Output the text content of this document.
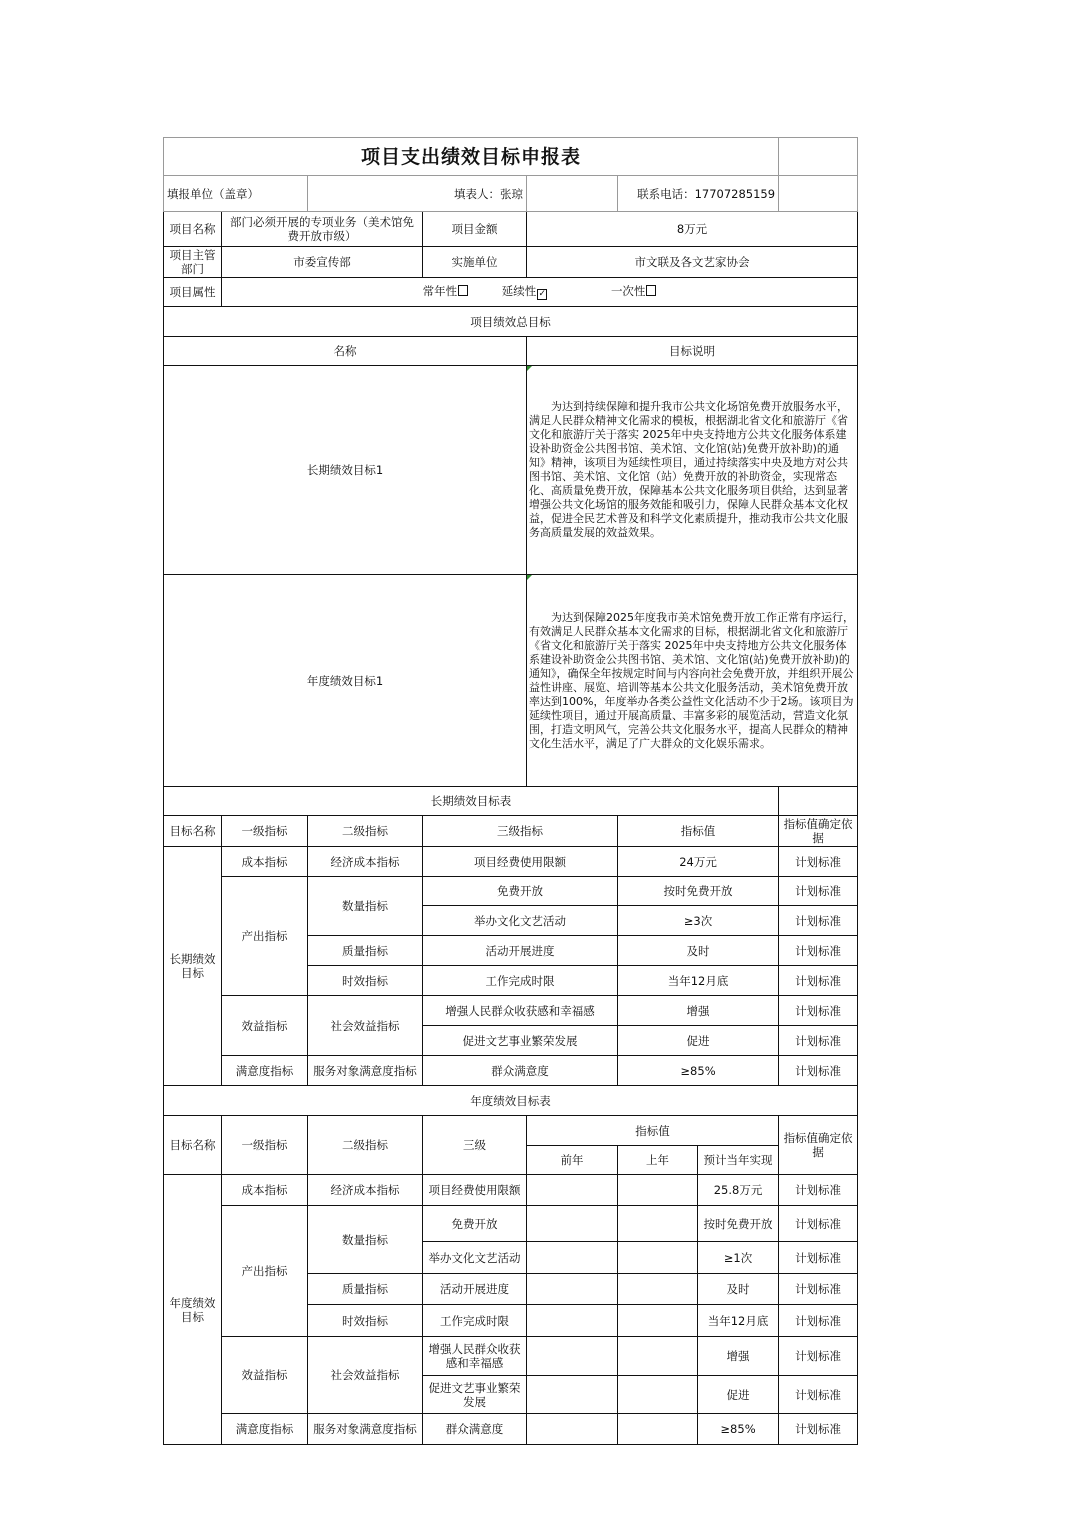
项目支出绩效目标申报表							
填报单位（盖章）		填表人：张琼			联系电话：17707285159		
项目名称	部门必须开展的专项业务（美术馆免费开放市级）		项目金额	8万元			
项目主管部门	市委宣传部		实施单位	市文联及各文艺家协会			
项目属性	常年性 延续性 ✓ 一次性						
项目绩效总目标							
名称				目标说明			
长期绩效目标1				为达到持续保障和提升我市公共文化场馆免费开放服务水平，满足人民群众精神文化需求的模板，根据湖北省文化和旅游厅《省文化和旅游厅关于落实 2025年中央支持地方公共文化服务体系建设补助资金公共图书馆、美术馆、文化馆(站)免费开放补助)的通知》精神，该项目为延续性项目，通过持续落实中央及地方对公共图书馆、美术馆、文化馆（站）免费开放的补助资金，实现常态化、高质量免费开放，保障基本公共文化服务项目供给，达到显著增强公共文化场馆的服务效能和吸引力，保障人民群众基本文化权益，促进全民艺术普及和科学文化素质提升，推动我市公共文化服务高质量发展的效益效果。			
年度绩效目标1				为达到保障2025年度我市美术馆免费开放工作正常有序运行，有效满足人民群众基本文化需求的目标，根据湖北省文化和旅游厅《省文化和旅游厅关于落实 2025年中央支持地方公共文化服务体系建设补助资金公共图书馆、美术馆、文化馆(站)免费开放补助)的通知》，确保全年按规定时间与内容向社会免费开放，并组织开展公益性讲座、展览、培训等基本公共文化服务活动，美术馆免费开放率达到100%，年度举办各类公益性文化活动不少于2场。该项目为延续性项目，通过开展高质量、丰富多彩的展览活动，营造文化氛围，打造文明风气，完善公共文化服务水平，提高人民群众的精神文化生活水平，满足了广大群众的文化娱乐需求。			
长期绩效目标表							
目标名称	一级指标	二级指标	三级指标		指标值		指标值确定依据
长期绩效目标	成本指标	经济成本指标	项目经费使用限额		24万元		计划标准
	产出指标	数量指标	免费开放		按时免费开放		计划标准
			举办文化文艺活动		≥3次		计划标准
		质量指标	活动开展进度		及时		计划标准
		时效指标	工作完成时限		当年12月底		计划标准
	效益指标	社会效益指标	增强人民群众收获感和幸福感		增强		计划标准
			促进文艺事业繁荣发展		促进		计划标准
	满意度指标	服务对象满意度指标	群众满意度		≥85%		计划标准
年度绩效目标表							
目标名称	一级指标	二级指标	三级	指标值			指标值确定依据
				前年	上年	预计当年实现	
年度绩效目标	成本指标	经济成本指标	项目经费使用限额			25.8万元	计划标准
	产出指标	数量指标	免费开放			按时免费开放	计划标准
			举办文化文艺活动			≥1次	计划标准
		质量指标	活动开展进度			及时	计划标准
		时效指标	工作完成时限			当年12月底	计划标准
	效益指标	社会效益指标	增强人民群众收获感和幸福感			增强	计划标准
			促进文艺事业繁荣发展			促进	计划标准
	满意度指标	服务对象满意度指标	群众满意度			≥85%	计划标准
